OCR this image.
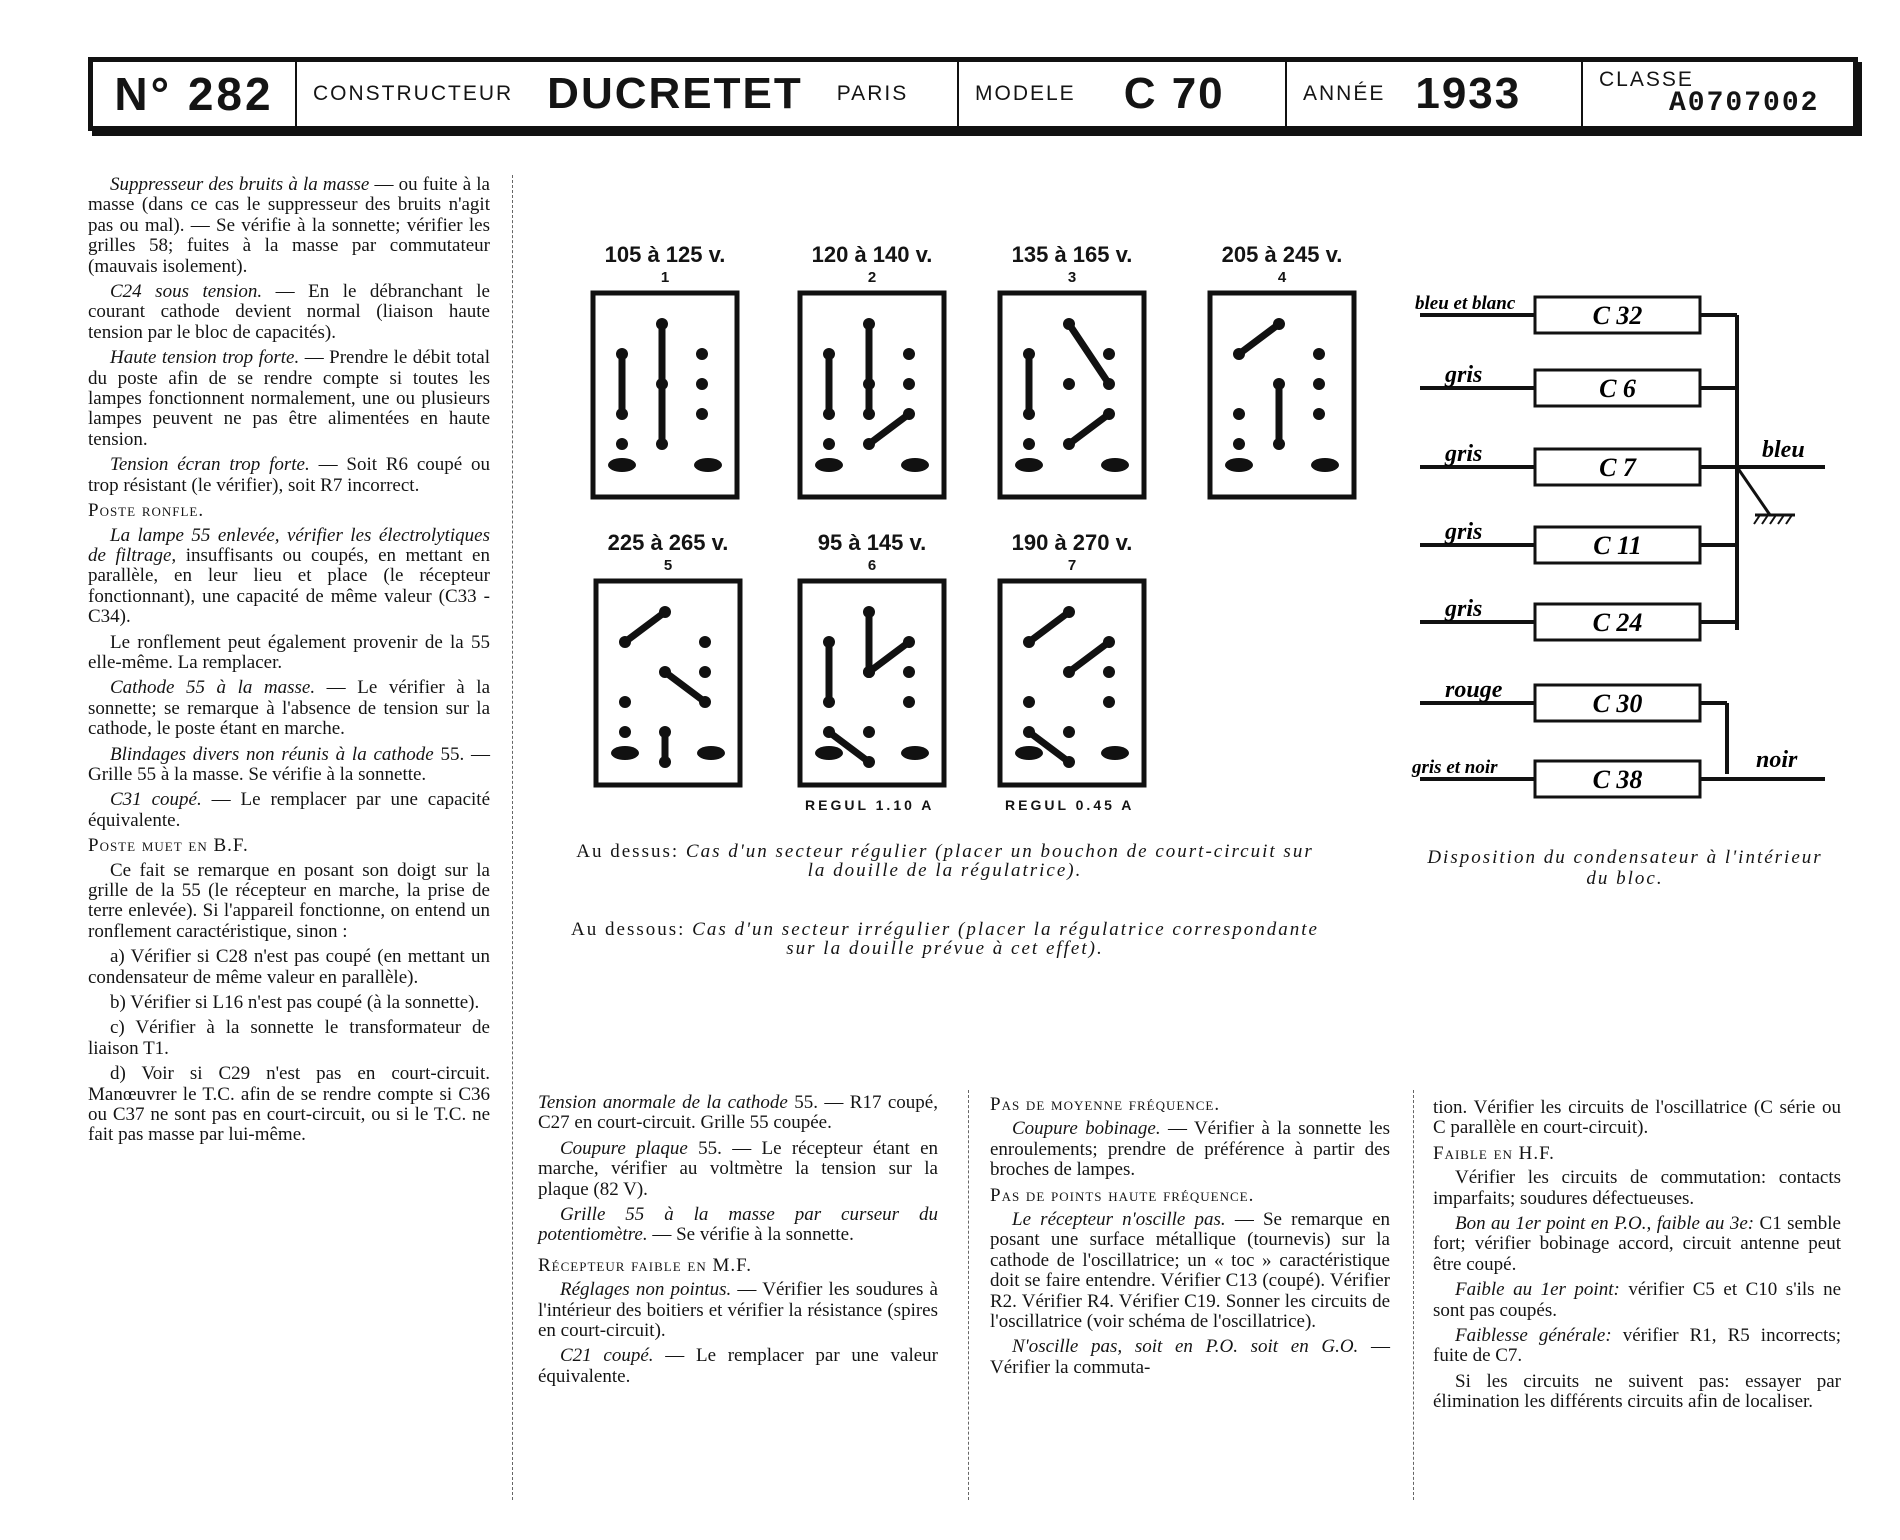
N° 282 CONSTRUCTEUR DUCRETET PARIS	MODELE C 70	ANNÉE 1933	CLASSE
A0707002

Suppresseur des bruits à la masse — ou fuite à la masse (dans ce cas le suppresseur des bruits n'agit pas ou mal). — Se vérifie à la sonnette; vérifier les grilles 58; fuites à la masse par commutateur (mauvais isolement).

C24 sous tension. — En le débranchant le courant cathode devient normal (liaison haute tension par le bloc de capacités).

Haute tension trop forte. — Prendre le débit total du poste afin de se rendre compte si toutes les lampes fonctionnent normalement, une ou plusieurs lampes peuvent ne pas être alimentées en haute tension.

Tension écran trop forte. — Soit R6 coupé ou trop résistant (le vérifier), soit R7 incorrect.

Poste ronfle.

La lampe 55 enlevée, vérifier les électrolytiques de filtrage, insuffisants ou coupés, en mettant en parallèle, en leur lieu et place (le récepteur fonctionnant), une capacité de même valeur (C33 - C34).

Le ronflement peut également provenir de la 55 elle-même. La remplacer.

Cathode 55 à la masse. — Le vérifier à la sonnette; se remarque à l'absence de tension sur la cathode, le poste étant en marche.

Blindages divers non réunis à la cathode 55. — Grille 55 à la masse. Se vérifie à la sonnette.

C31 coupé. — Le remplacer par une capacité équivalente.

Poste muet en B.F.

Ce fait se remarque en posant son doigt sur la grille de la 55 (le récepteur en marche, la prise de terre enlevée). Si l'appareil fonctionne, on entend un ronflement caractéristique, sinon :

a) Vérifier si C28 n'est pas coupé (en mettant un condensateur de même valeur en parallèle).

b) Vérifier si L16 n'est pas coupé (à la sonnette).

c) Vérifier à la sonnette le transformateur de liaison T1.

d) Voir si C29 n'est pas en court-circuit. Manœuvrer le T.C. afin de se rendre compte si C36 ou C37 ne sont pas en court-circuit, ou si le T.C. ne fait pas masse par lui-même.

105 à 125 v.
1
120 à 140 v.
2
135 à 165 v.
3
205 à 245 v.
4
225 à 265 v.
5
95 à 145 v.
6
190 à 270 v.
7
REGUL 1.10 A	REGUL 0.45 A
Au dessus: Cas d'un secteur régulier (placer un bouchon de court-circuit sur la douille de la régulatrice).
Au dessous: Cas d'un secteur irrégulier (placer la régulatrice correspondante sur la douille prévue à cet effet).
C 32
bleu et blanc
C 6
gris
C 7
gris
C 11
gris
C 24
gris
C 30
rouge
C 38
gris et noir
bleu
noir
Disposition du condensateur à l'intérieur du bloc.

Tension anormale de la cathode 55. — R17 coupé, C27 en court-circuit. Grille 55 coupée.

Coupure plaque 55. — Le récepteur étant en marche, vérifier au voltmètre la tension sur la plaque (82 V).

Grille 55 à la masse par curseur du potentiomètre. — Se vérifie à la sonnette.

Récepteur faible en M.F.

Réglages non pointus. — Vérifier les soudures à l'intérieur des boitiers et vérifier la résistance (spires en court-circuit).

C21 coupé. — Le remplacer par une valeur équivalente.

Pas de moyenne fréquence.

Coupure bobinage. — Vérifier à la sonnette les enroulements; prendre de préférence à partir des broches de lampes.

Pas de points haute fréquence.

Le récepteur n'oscille pas. — Se remarque en posant une surface métallique (tournevis) sur la cathode de l'oscillatrice; un « toc » caractéristique doit se faire entendre. Vérifier C13 (coupé). Vérifier R2. Vérifier R4. Vérifier C19. Sonner les circuits de l'oscillatrice (voir schéma de l'oscillatrice).

N'oscille pas, soit en P.O. soit en G.O. — Vérifier la commuta-

tion. Vérifier les circuits de l'oscillatrice (C série ou C parallèle en court-circuit).

Faible en H.F.

Vérifier les circuits de commutation: contacts imparfaits; soudures défectueuses.

Bon au 1er point en P.O., faible au 3e: C1 semble fort; vérifier bobinage accord, circuit antenne peut être coupé.

Faible au 1er point: vérifier C5 et C10 s'ils ne sont pas coupés.

Faiblesse générale: vérifier R1, R5 incorrects; fuite de C7.

Si les circuits ne suivent pas: essayer par élimination les différents circuits afin de localiser.
